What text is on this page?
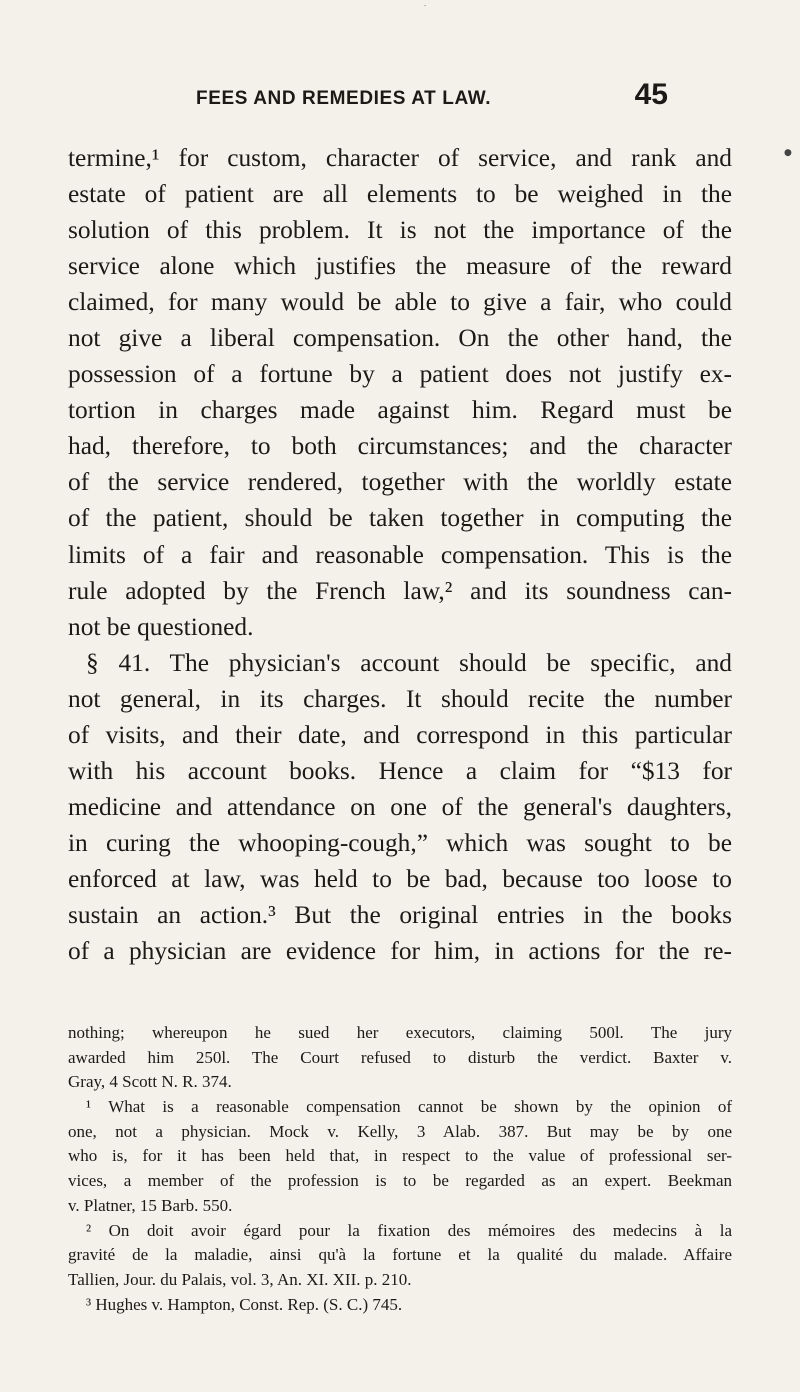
.
FEES AND REMEDIES AT LAW.	45
●
termine,¹ for custom, character of service, and rank and
estate of patient are all elements to be weighed in the
solution of this problem. It is not the importance of the
service alone which justifies the measure of the reward
claimed, for many would be able to give a fair, who could
not give a liberal compensation. On the other hand, the
possession of a fortune by a patient does not justify ex-
tortion in charges made against him. Regard must be
had, therefore, to both circumstances; and the character
of the service rendered, together with the worldly estate
of the patient, should be taken together in computing the
limits of a fair and reasonable compensation. This is the
rule adopted by the French law,² and its soundness can-
not be questioned.
§ 41. The physician's account should be specific, and
not general, in its charges. It should recite the number
of visits, and their date, and correspond in this particular
with his account books. Hence a claim for “$13 for
medicine and attendance on one of the general's daughters,
in curing the whooping-cough,” which was sought to be
enforced at law, was held to be bad, because too loose to
sustain an action.³ But the original entries in the books
of a physician are evidence for him, in actions for the re-
nothing; whereupon he sued her executors, claiming 500l. The jury
awarded him 250l. The Court refused to disturb the verdict. Baxter v.
Gray, 4 Scott N. R. 374.
¹ What is a reasonable compensation cannot be shown by the opinion of
one, not a physician. Mock v. Kelly, 3 Alab. 387. But may be by one
who is, for it has been held that, in respect to the value of professional ser-
vices, a member of the profession is to be regarded as an expert. Beekman
v. Platner, 15 Barb. 550.
² On doit avoir égard pour la fixation des mémoires des medecins à la
gravité de la maladie, ainsi qu'à la fortune et la qualité du malade. Affaire
Tallien, Jour. du Palais, vol. 3, An. XI. XII. p. 210.
³ Hughes v. Hampton, Const. Rep. (S. C.) 745.
